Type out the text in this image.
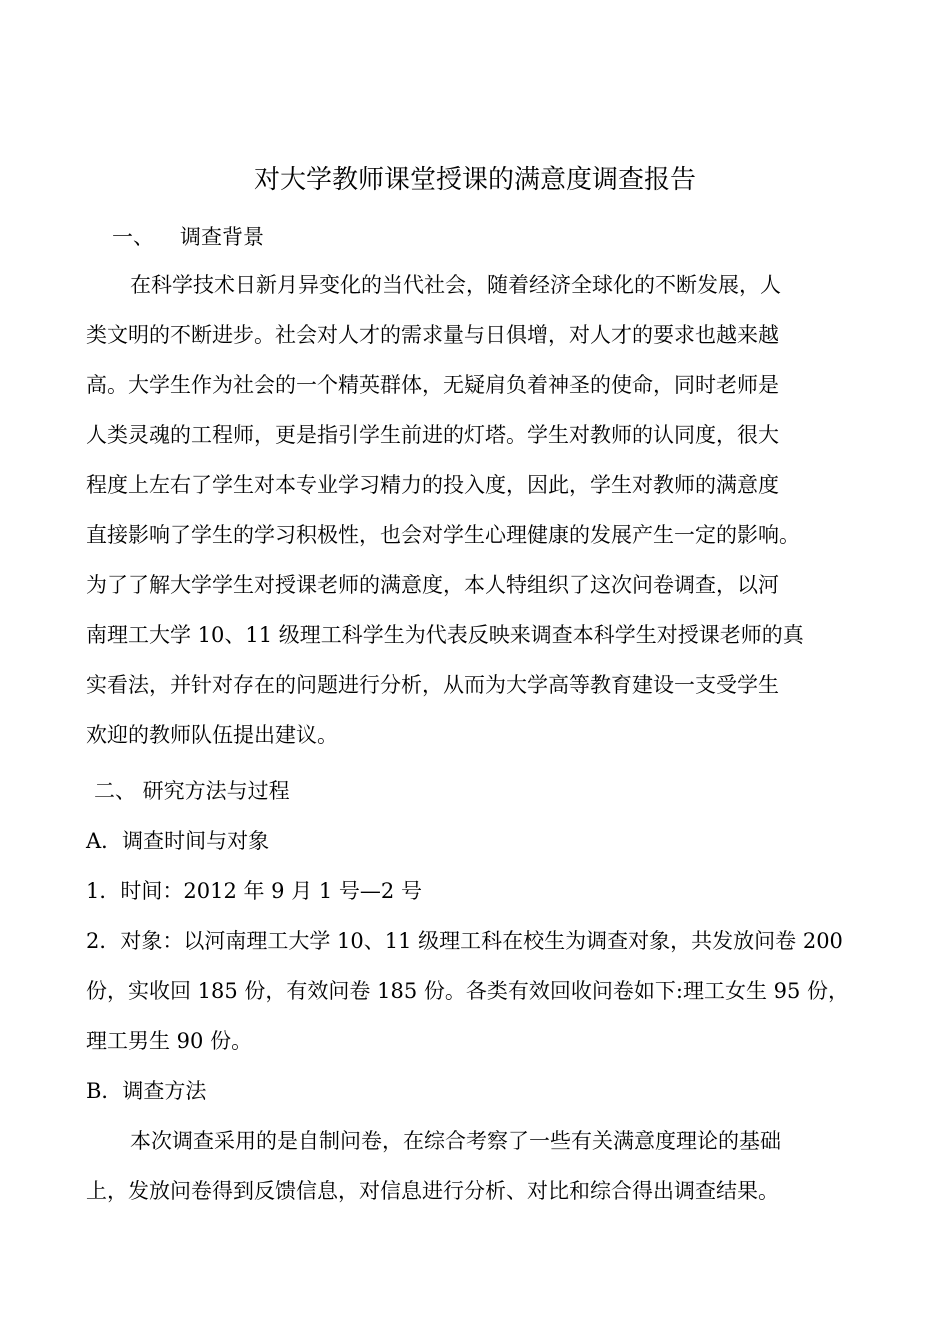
对大学教师课堂授课的满意度调查报告
一、 调查背景
在科学技术日新月异变化的当代社会，随着经济全球化的不断发展，人
类文明的不断进步。社会对人才的需求量与日俱增，对人才的要求也越来越
高。大学生作为社会的一个精英群体，无疑肩负着神圣的使命，同时老师是
人类灵魂的工程师，更是指引学生前进的灯塔。学生对教师的认同度，很大
程度上左右了学生对本专业学习精力的投入度，因此，学生对教师的满意度
直接影响了学生的学习积极性，也会对学生心理健康的发展产生一定的影响。
为了了解大学学生对授课老师的满意度，本人特组织了这次问卷调查，以河
南理工大学 10、11 级理工科学生为代表反映来调查本科学生对授课老师的真
实看法，并针对存在的问题进行分析，从而为大学高等教育建设一支受学生
欢迎的教师队伍提出建议。
二、 研究方法与过程
A．调查时间与对象
1．时间：2012 年 9 月 1 号—2 号
2．对象：以河南理工大学 10、11 级理工科在校生为调查对象，共发放问卷 200
份，实收回 185 份，有效问卷 185 份。各类有效回收问卷如下:理工女生 95 份，
理工男生 90 份。
B．调查方法
本次调查采用的是自制问卷，在综合考察了一些有关满意度理论的基础
上，发放问卷得到反馈信息，对信息进行分析、对比和综合得出调查结果。
